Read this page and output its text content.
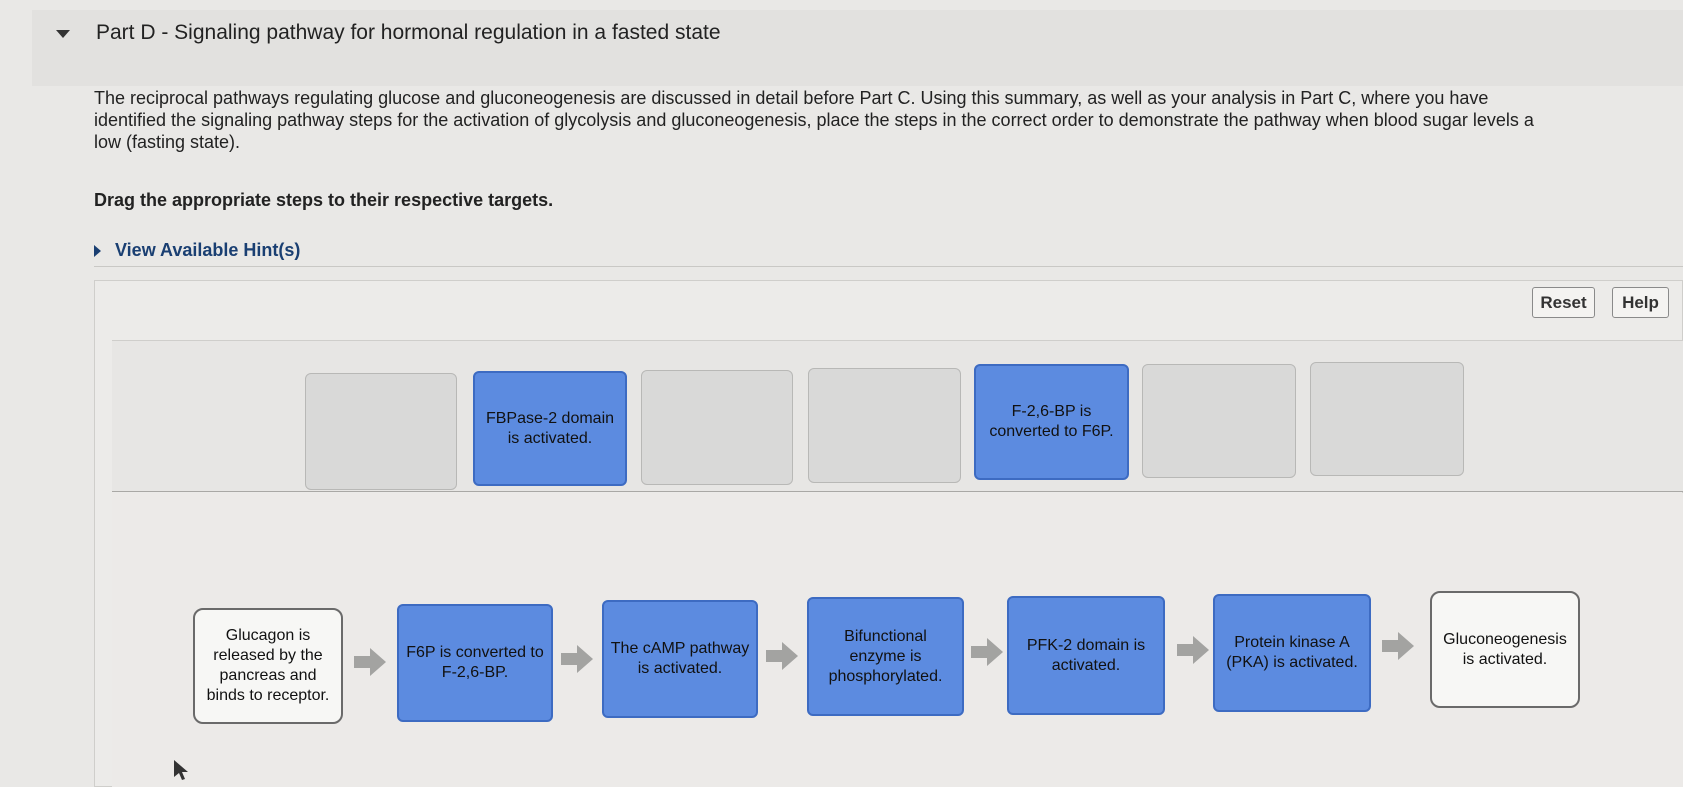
Part D - Signaling pathway for hormonal regulation in a fasted state
The reciprocal pathways regulating glucose and gluconeogenesis are discussed in detail before Part C. Using this summary, as well as your analysis in Part C, where you have
identified the signaling pathway steps for the activation of glycolysis and gluconeogenesis, place the steps in the correct order to demonstrate the pathway when blood sugar levels a
low (fasting state).
Drag the appropriate steps to their respective targets.
View Available Hint(s)
Reset	Help
FBPase-2 domain is activated.
F-2,6-BP is converted to F6P.
Glucagon is released by the pancreas and binds to receptor.
F6P is converted to F-2,6-BP.
The cAMP pathway is activated.
Bifunctional enzyme is phosphorylated.
PFK-2 domain is activated.
Protein kinase A (PKA) is activated.
Gluconeogenesis is activated.
